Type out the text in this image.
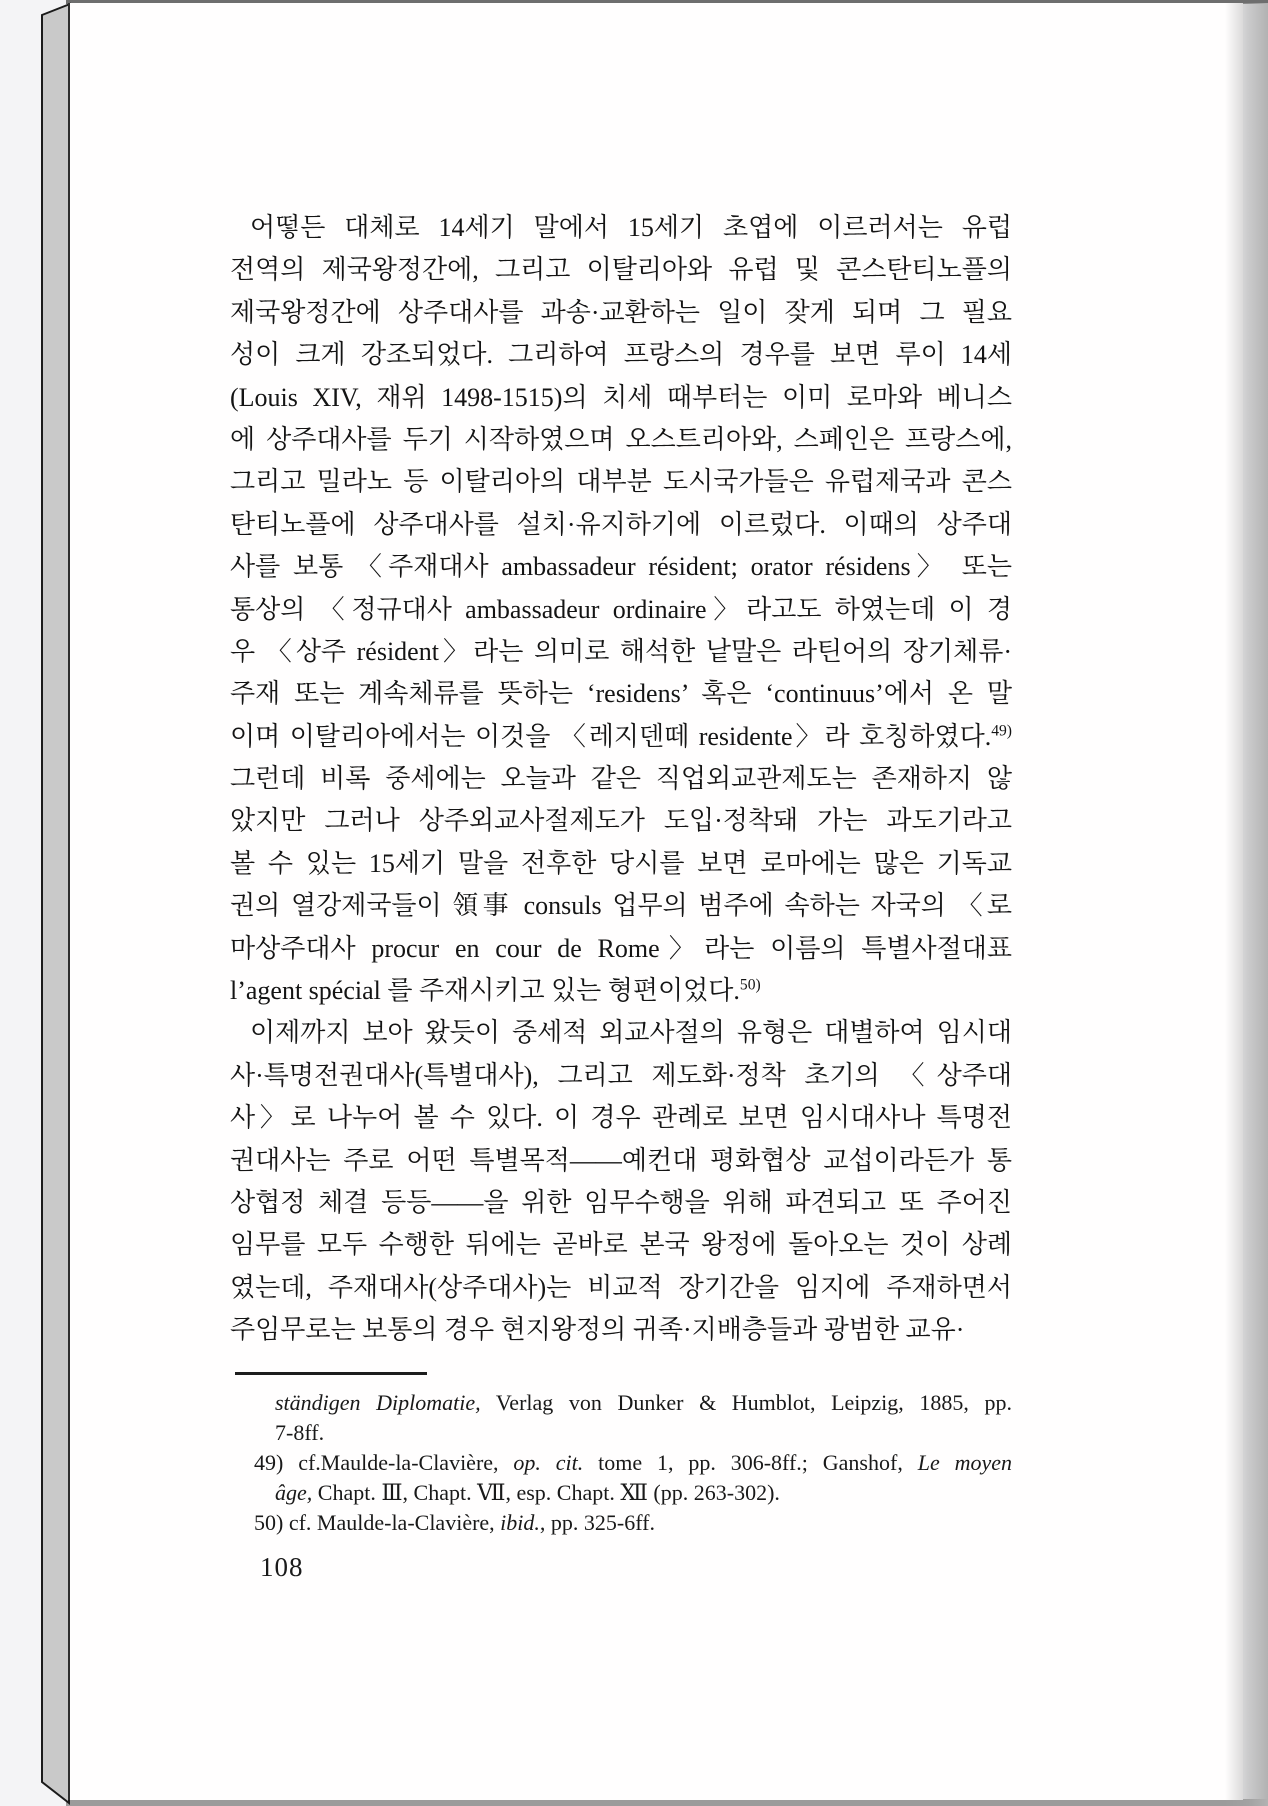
어떻든 대체로 14세기 말에서 15세기 초엽에 이르러서는 유럽
전역의 제국왕정간에, 그리고 이탈리아와 유럽 및 콘스탄티노플의
제국왕정간에 상주대사를 과송·교환하는 일이 잦게 되며 그 필요
성이 크게 강조되었다. 그리하여 프랑스의 경우를 보면 루이 14세
(Louis XIV, 재위 1498-1515)의 치세 때부터는 이미 로마와 베니스
에 상주대사를 두기 시작하였으며 오스트리아와, 스페인은 프랑스에,
그리고 밀라노 등 이탈리아의 대부분 도시국가들은 유럽제국과 콘스
탄티노플에 상주대사를 설치·유지하기에 이르렀다. 이때의 상주대
사를 보통 〈주재대사 ambassadeur résident; orator résidens〉 또는
통상의 〈정규대사 ambassadeur ordinaire〉라고도 하였는데 이 경
우 〈상주 résident〉라는 의미로 해석한 낱말은 라틴어의 장기체류·
주재 또는 계속체류를 뜻하는 ‘residens’ 혹은 ‘continuus’에서 온 말
이며 이탈리아에서는 이것을 〈레지덴떼 residente〉라 호칭하였다.$^{49)}$
그런데 비록 중세에는 오늘과 같은 직업외교관제도는 존재하지 않
았지만 그러나 상주외교사절제도가 도입·정착돼 가는 과도기라고
볼 수 있는 15세기 말을 전후한 당시를 보면 로마에는 많은 기독교
권의 열강제국들이 領事 consuls 업무의 범주에 속하는 자국의 〈로
마상주대사 procur en cour de Rome〉라는 이름의 특별사절대표
l’agent spécial 를 주재시키고 있는 형편이었다.$^{50)}$
이제까지 보아 왔듯이 중세적 외교사절의 유형은 대별하여 임시대
사·특명전권대사(특별대사), 그리고 제도화·정착 초기의 〈상주대
사〉로 나누어 볼 수 있다. 이 경우 관례로 보면 임시대사나 특명전
권대사는 주로 어떤 특별목적——예컨대 평화협상 교섭이라든가 통
상협정 체결 등등——을 위한 임무수행을 위해 파견되고 또 주어진
임무를 모두 수행한 뒤에는 곧바로 본국 왕정에 돌아오는 것이 상례
였는데, 주재대사(상주대사)는 비교적 장기간을 임지에 주재하면서
주임무로는 보통의 경우 현지왕정의 귀족·지배층들과 광범한 교유·
ständigen Diplomatie, Verlag von Dunker & Humblot, Leipzig, 1885, pp.
7-8ff.
49) cf.Maulde-la-Clavière, op. cit. tome 1, pp. 306-8ff.; Ganshof, Le moyen
âge, Chapt. Ⅲ, Chapt. Ⅶ, esp. Chapt. Ⅻ (pp. 263-302).
50) cf. Maulde-la-Clavière, ibid., pp. 325-6ff.
108
